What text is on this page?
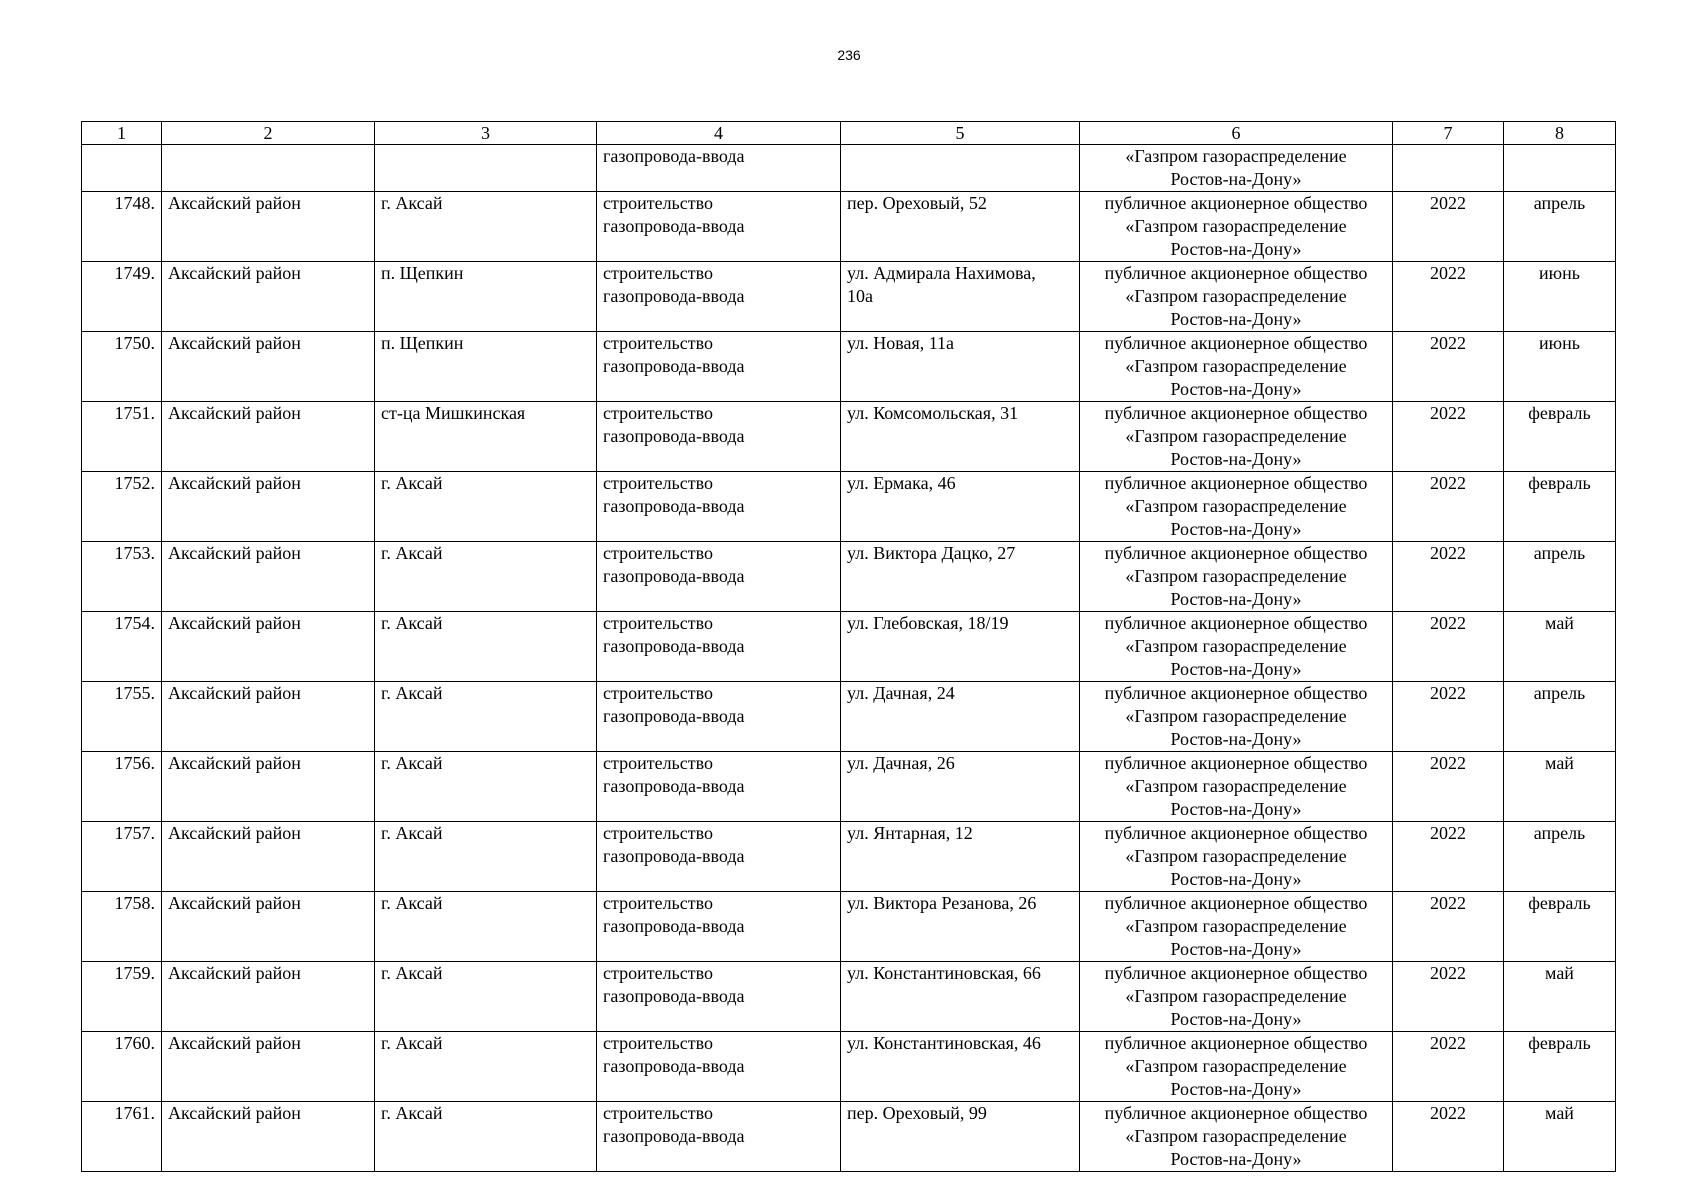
236
1	2	3	4	5	6	7	8
			газопровода-ввода		«Газпром газораспределение
Ростов-на-Дону»		
1748.	Аксайский район	г. Аксай	строительство
газопровода-ввода	пер. Ореховый, 52	публичное акционерное общество
«Газпром газораспределение
Ростов-на-Дону»	2022	апрель
1749.	Аксайский район	п. Щепкин	строительство
газопровода-ввода	ул. Адмирала Нахимова,
10а	публичное акционерное общество
«Газпром газораспределение
Ростов-на-Дону»	2022	июнь
1750.	Аксайский район	п. Щепкин	строительство
газопровода-ввода	ул. Новая, 11а	публичное акционерное общество
«Газпром газораспределение
Ростов-на-Дону»	2022	июнь
1751.	Аксайский район	ст-ца Мишкинская	строительство
газопровода-ввода	ул. Комсомольская, 31	публичное акционерное общество
«Газпром газораспределение
Ростов-на-Дону»	2022	февраль
1752.	Аксайский район	г. Аксай	строительство
газопровода-ввода	ул. Ермака, 46	публичное акционерное общество
«Газпром газораспределение
Ростов-на-Дону»	2022	февраль
1753.	Аксайский район	г. Аксай	строительство
газопровода-ввода	ул. Виктора Дацко, 27	публичное акционерное общество
«Газпром газораспределение
Ростов-на-Дону»	2022	апрель
1754.	Аксайский район	г. Аксай	строительство
газопровода-ввода	ул. Глебовская, 18/19	публичное акционерное общество
«Газпром газораспределение
Ростов-на-Дону»	2022	май
1755.	Аксайский район	г. Аксай	строительство
газопровода-ввода	ул. Дачная, 24	публичное акционерное общество
«Газпром газораспределение
Ростов-на-Дону»	2022	апрель
1756.	Аксайский район	г. Аксай	строительство
газопровода-ввода	ул. Дачная, 26	публичное акционерное общество
«Газпром газораспределение
Ростов-на-Дону»	2022	май
1757.	Аксайский район	г. Аксай	строительство
газопровода-ввода	ул. Янтарная, 12	публичное акционерное общество
«Газпром газораспределение
Ростов-на-Дону»	2022	апрель
1758.	Аксайский район	г. Аксай	строительство
газопровода-ввода	ул. Виктора Резанова, 26	публичное акционерное общество
«Газпром газораспределение
Ростов-на-Дону»	2022	февраль
1759.	Аксайский район	г. Аксай	строительство
газопровода-ввода	ул. Константиновская, 66	публичное акционерное общество
«Газпром газораспределение
Ростов-на-Дону»	2022	май
1760.	Аксайский район	г. Аксай	строительство
газопровода-ввода	ул. Константиновская, 46	публичное акционерное общество
«Газпром газораспределение
Ростов-на-Дону»	2022	февраль
1761.	Аксайский район	г. Аксай	строительство
газопровода-ввода	пер. Ореховый, 99	публичное акционерное общество
«Газпром газораспределение
Ростов-на-Дону»	2022	май
